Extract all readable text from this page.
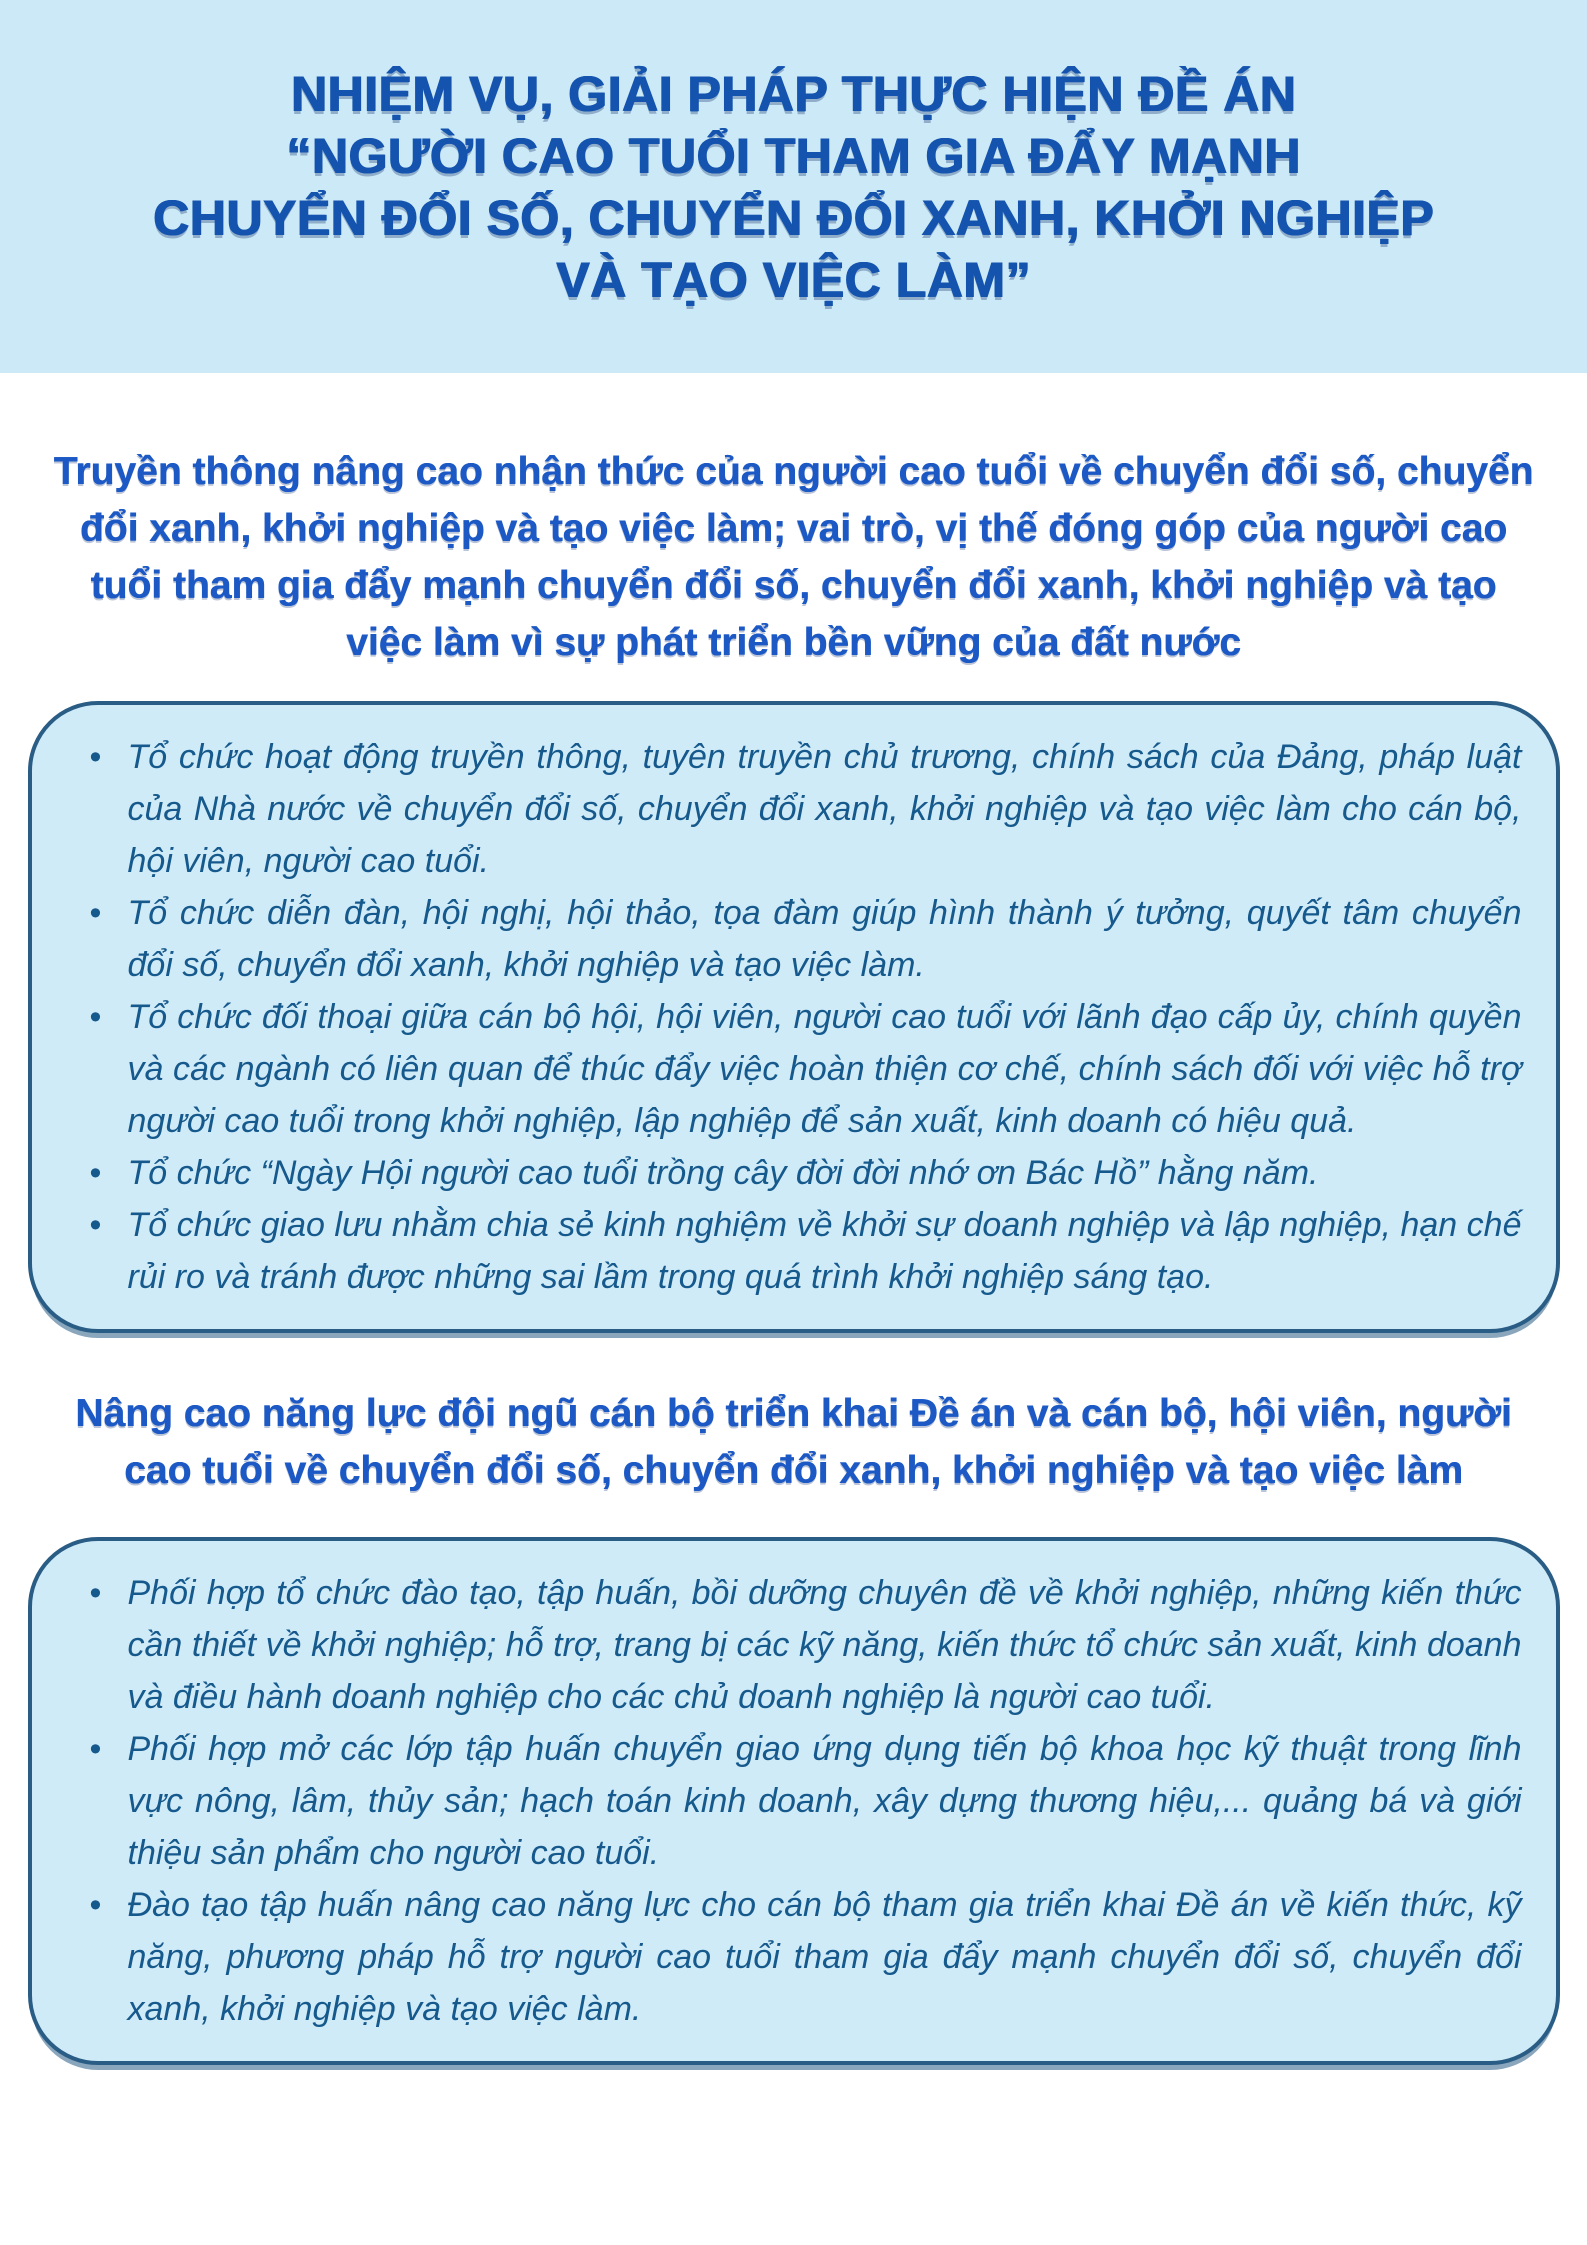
NHIỆM VỤ, GIẢI PHÁP THỰC HIỆN ĐỀ ÁN
“NGƯỜI CAO TUỔI THAM GIA ĐẨY MẠNH
CHUYỂN ĐỔI SỐ, CHUYỂN ĐỔI XANH, KHỞI NGHIỆP
VÀ TẠO VIỆC LÀM”
Truyền thông nâng cao nhận thức của người cao tuổi về chuyển đổi số, chuyển đổi xanh, khởi nghiệp và tạo việc làm; vai trò, vị thế đóng góp của người cao tuổi tham gia đẩy mạnh chuyển đổi số, chuyển đổi xanh, khởi nghiệp và tạo việc làm vì sự phát triển bền vững của đất nước
• Tổ chức hoạt động truyền thông, tuyên truyền chủ trương, chính sách của Đảng, pháp luật của Nhà nước về chuyển đổi số, chuyển đổi xanh, khởi nghiệp và tạo việc làm cho cán bộ, hội viên, người cao tuổi.
• Tổ chức diễn đàn, hội nghị, hội thảo, tọa đàm giúp hình thành ý tưởng, quyết tâm chuyển đổi số, chuyển đổi xanh, khởi nghiệp và tạo việc làm.
• Tổ chức đối thoại giữa cán bộ hội, hội viên, người cao tuổi với lãnh đạo cấp ủy, chính quyền và các ngành có liên quan để thúc đẩy việc hoàn thiện cơ chế, chính sách đối với việc hỗ trợ người cao tuổi trong khởi nghiệp, lập nghiệp để sản xuất, kinh doanh có hiệu quả.
• Tổ chức “Ngày Hội người cao tuổi trồng cây đời đời nhớ ơn Bác Hồ” hằng năm.
• Tổ chức giao lưu nhằm chia sẻ kinh nghiệm về khởi sự doanh nghiệp và lập nghiệp, hạn chế rủi ro và tránh được những sai lầm trong quá trình khởi nghiệp sáng tạo.
Nâng cao năng lực đội ngũ cán bộ triển khai Đề án và cán bộ, hội viên, người cao tuổi về chuyển đổi số, chuyển đổi xanh, khởi nghiệp và tạo việc làm
• Phối hợp tổ chức đào tạo, tập huấn, bồi dưỡng chuyên đề về khởi nghiệp, những kiến thức cần thiết về khởi nghiệp; hỗ trợ, trang bị các kỹ năng, kiến thức tổ chức sản xuất, kinh doanh và điều hành doanh nghiệp cho các chủ doanh nghiệp là người cao tuổi.
• Phối hợp mở các lớp tập huấn chuyển giao ứng dụng tiến bộ khoa học kỹ thuật trong lĩnh vực nông, lâm, thủy sản; hạch toán kinh doanh, xây dựng thương hiệu,... quảng bá và giới thiệu sản phẩm cho người cao tuổi.
• Đào tạo tập huấn nâng cao năng lực cho cán bộ tham gia triển khai Đề án về kiến thức, kỹ năng, phương pháp hỗ trợ người cao tuổi tham gia đẩy mạnh chuyển đổi số, chuyển đổi xanh, khởi nghiệp và tạo việc làm.
